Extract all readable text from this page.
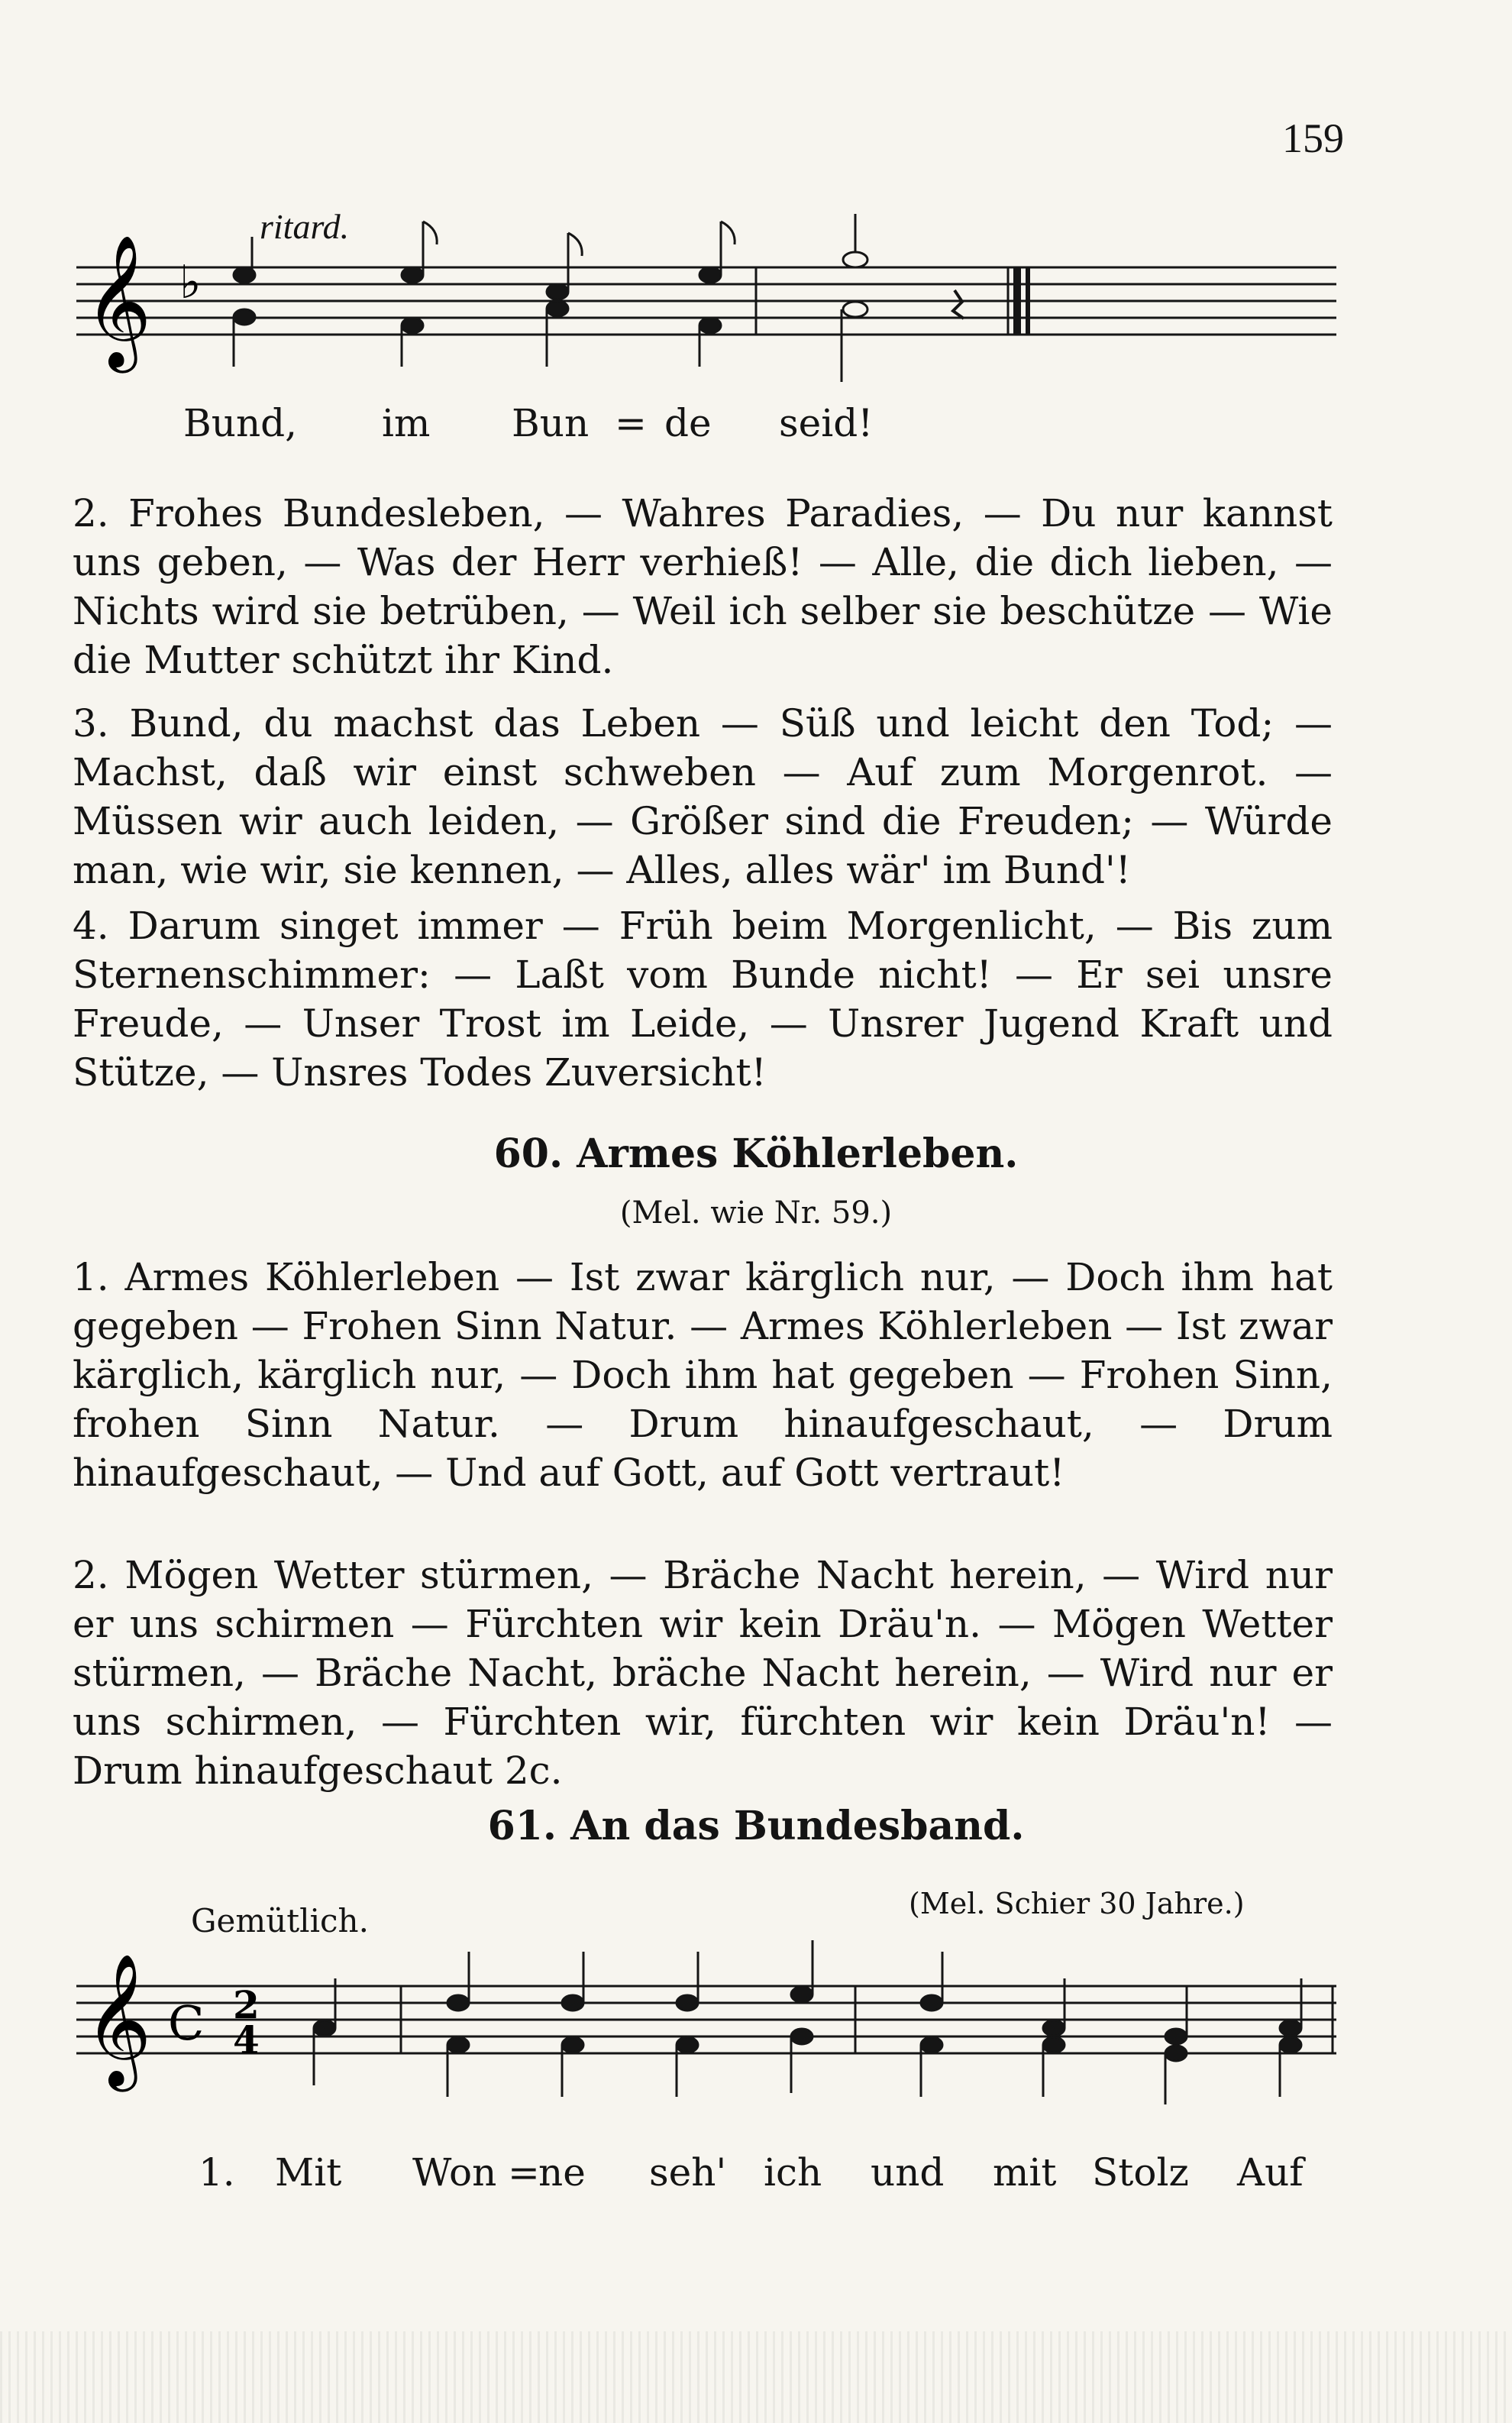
159
ritard.
𝄞 ♭
Bund, im Bun = de seid!
2. Frohes Bundesleben, — Wahres Paradies, — Du nur kannst uns geben, — Was der Herr verhieß! — Alle, die dich lieben, — Nichts wird sie betrüben, — Weil ich selber sie beschütze — Wie die Mutter schützt ihr Kind.
3. Bund, du machst das Leben — Süß und leicht den Tod; — Machst, daß wir einst schweben — Auf zum Morgenrot. — Müssen wir auch leiden, — Größer sind die Freuden; — Würde man, wie wir, sie kennen, — Alles, alles wär' im Bund'!
4. Darum singet immer — Früh beim Morgenlicht, — Bis zum Sternenschimmer: — Laßt vom Bunde nicht! — Er sei unsre Freude, — Unser Trost im Leide, — Unsrer Jugend Kraft und Stütze, — Unsres Todes Zuversicht!
60. Armes Köhlerleben.
(Mel. wie Nr. 59.)
1. Armes Köhlerleben — Ist zwar kärglich nur, — Doch ihm hat gegeben — Frohen Sinn Natur. — Armes Köhlerleben — Ist zwar kärglich, kärglich nur, — Doch ihm hat gegeben — Frohen Sinn, frohen Sinn Natur. — Drum hinaufgeschaut, — Drum hinaufgeschaut, — Und auf Gott, auf Gott vertraut!
2. Mögen Wetter stürmen, — Bräche Nacht herein, — Wird nur er uns schirmen — Fürchten wir kein Dräu'n. — Mögen Wetter stürmen, — Bräche Nacht, bräche Nacht herein, — Wird nur er uns schirmen, — Fürchten wir, fürchten wir kein Dräu'n! — Drum hinaufgeschaut 2c.
61. An das Bundesband.
Gemütlich.	(Mel. Schier 30 Jahre.)
𝄞 C 2
4
1. Mit Won =
ne seh' ich und mit Stolz Auf
